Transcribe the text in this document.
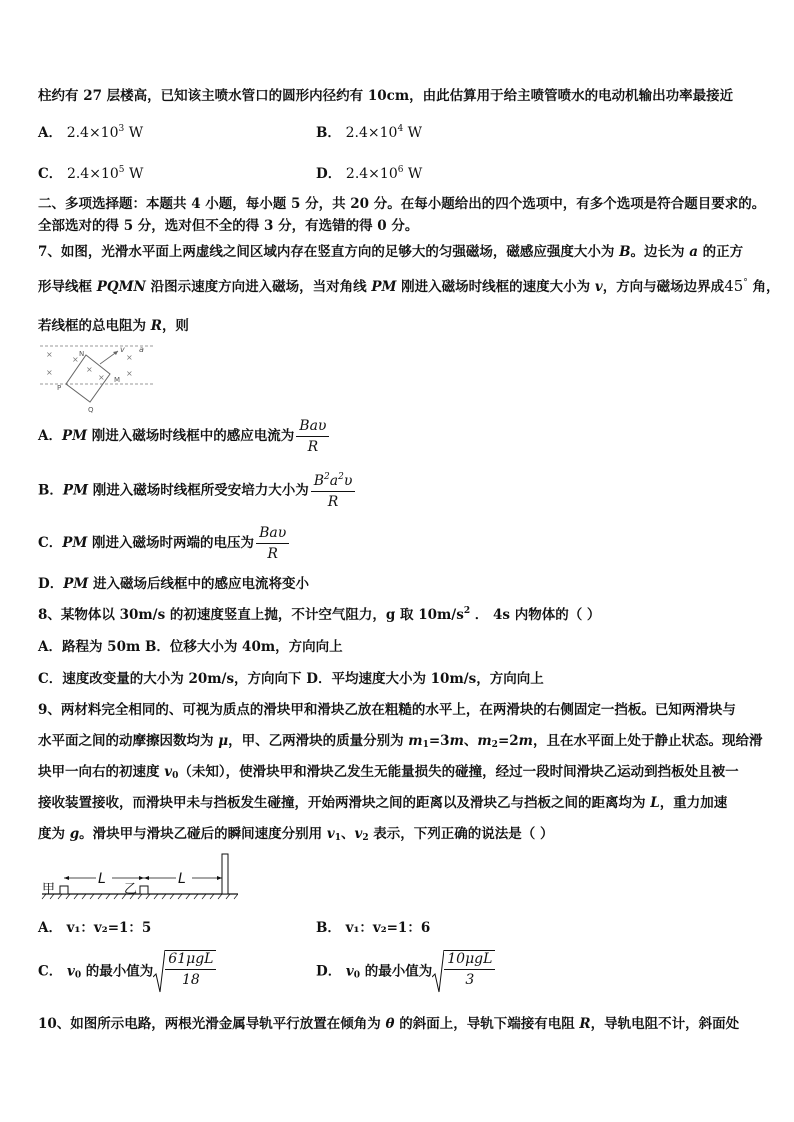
柱约有 27 层楼高，已知该主喷水管口的圆形内径约有 10cm，由此估算用于给主喷管喷水的电动机输出功率最接近
A． $2.4\times 10^3$ W	B． $2.4\times 10^4$ W
C． $2.4\times 10^5$ W	D． $2.4\times 10^6$ W
二、多项选择题：本题共 4 小题，每小题 5 分，共 20 分。在每小题给出的四个选项中，有多个选项是符合题目要求的。
全部选对的得 5 分，选对但不全的得 3 分，有选错的得 0 分。
7、如图，光滑水平面上两虚线之间区域内存在竖直方向的足够大的匀强磁场，磁感应强度大小为 B。边长为 a 的正方
形导线框 PQMN 沿图示速度方向进入磁场，当对角线 PM 刚进入磁场时线框的速度大小为 v，方向与磁场边界成45° 角，
若线框的总电阻为 R，则
×
×
×
×
×
×
×
N	v a
P
M
Q
A．PM 刚进入磁场时线框中的感应电流为 $\frac{\text{Baυ}}{R}$
B．PM 刚进入磁场时线框所受安培力大小为 $\frac{B^2a^2\upsilon}{R}$
C．PM 刚进入磁场时两端的电压为 $\frac{\text{Baυ}}{R}$
D．PM 进入磁场后线框中的感应电流将变小
8、某物体以 30m/s 的初速度竖直上抛，不计空气阻力，g 取 $10m/s^2$ ． 4s 内物体的（ ）
A．路程为 50m B．位移大小为 40m，方向向上
C．速度改变量的大小为 20m/s，方向向下 D．平均速度大小为 10m/s，方向向上
9、两材料完全相同的、可视为质点的滑块甲和滑块乙放在粗糙的水平上，在两滑块的右侧固定一挡板。已知两滑块与
水平面之间的动摩擦因数均为 μ，甲、乙两滑块的质量分别为 $m_1=3m$、$m_2=2m$，且在水平面上处于静止状态。现给滑
块甲一向右的初速度 $v_0$（未知），使滑块甲和滑块乙发生无能量损失的碰撞，经过一段时间滑块乙运动到挡板处且被一
接收装置接收，而滑块甲未与挡板发生碰撞，开始两滑块之间的距离以及滑块乙与挡板之间的距离均为 L，重力加速
度为 g。滑块甲与滑块乙碰后的瞬间速度分别用 $v_1$、$v_2$ 表示，下列正确的说法是（ ）
甲	乙
L	L
A． v₁：v₂=1：5	B． v₁：v₂=1：6
C． $v_0$ 的最小值为 $\frac{\text{61μgL}}{18}$	D． $v_0$ 的最小值为 $\frac{\text{10μgL}}{3}$
10、如图所示电路，两根光滑金属导轨平行放置在倾角为 θ 的斜面上，导轨下端接有电阻 R，导轨电阻不计，斜面处
